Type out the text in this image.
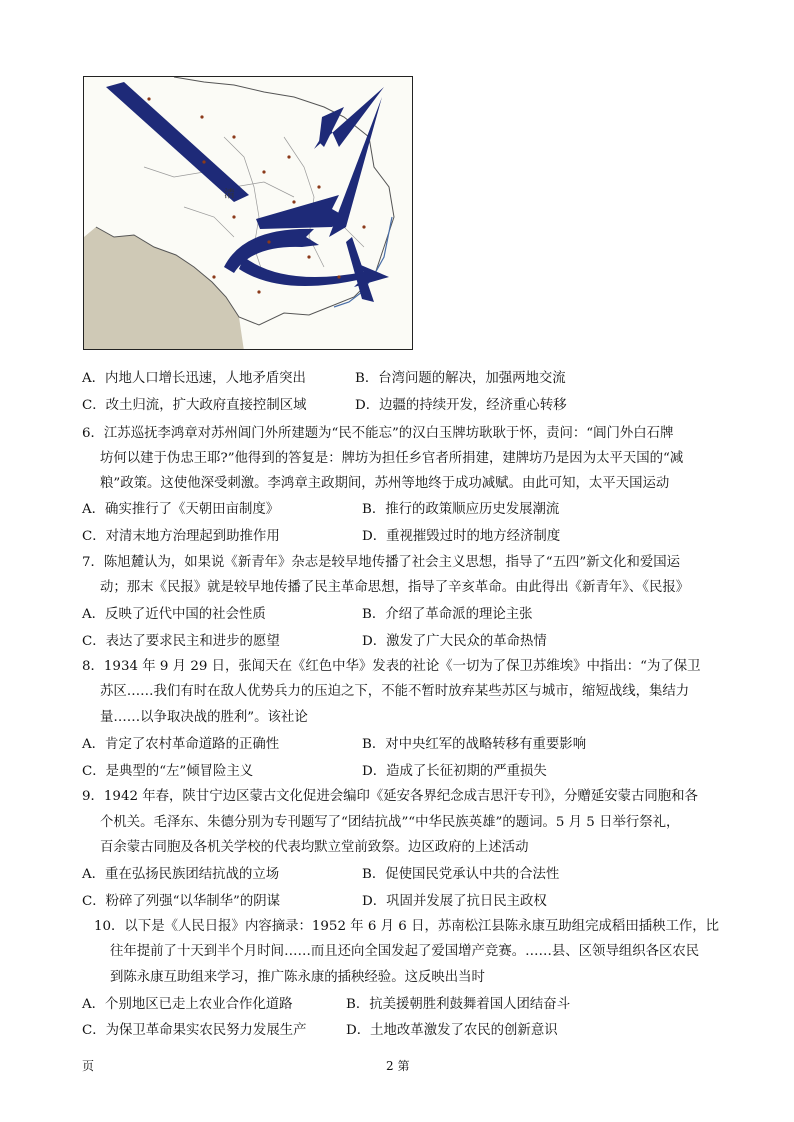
清
A．内地人口增长迅速，人地矛盾突出	B．台湾问题的解决，加强两地交流
C．改土归流，扩大政府直接控制区域	D．边疆的持续开发，经济重心转移
6．江苏巡抚李鸿章对苏州阊门外所建题为“民不能忘”的汉白玉牌坊耿耿于怀，责问：“阊门外白石牌
坊何以建于伪忠王耶?”他得到的答复是：牌坊为担任乡官者所捐建，建牌坊乃是因为太平天国的“减
粮”政策。这使他深受刺激。李鸿章主政期间，苏州等地终于成功减赋。由此可知，太平天国运动
A．确实推行了《天朝田亩制度》	B．推行的政策顺应历史发展潮流
C．对清末地方治理起到助推作用	D．重视摧毁过时的地方经济制度
7．陈旭麓认为，如果说《新青年》杂志是较早地传播了社会主义思想，指导了“五四”新文化和爱国运
动；那末《民报》就是较早地传播了民主革命思想，指导了辛亥革命。由此得出《新青年》、《民报》
A．反映了近代中国的社会性质	B．介绍了革命派的理论主张
C．表达了要求民主和进步的愿望	D．激发了广大民众的革命热情
8．1934 年 9 月 29 日，张闻天在《红色中华》发表的社论《一切为了保卫苏维埃》中指出：“为了保卫
苏区……我们有时在敌人优势兵力的压迫之下，不能不暂时放弃某些苏区与城市，缩短战线，集结力
量……以争取决战的胜利”。该社论
A．肯定了农村革命道路的正确性	B．对中央红军的战略转移有重要影响
C．是典型的“左”倾冒险主义	D．造成了长征初期的严重损失
9．1942 年春，陕甘宁边区蒙古文化促进会编印《延安各界纪念成吉思汗专刊》，分赠延安蒙古同胞和各
个机关。毛泽东、朱德分别为专刊题写了“团结抗战”“中华民族英雄”的题词。5 月 5 日举行祭礼，
百余蒙古同胞及各机关学校的代表均默立堂前致祭。边区政府的上述活动
A．重在弘扬民族团结抗战的立场	B．促使国民党承认中共的合法性
C．粉碎了列强“以华制华”的阴谋	D．巩固并发展了抗日民主政权
10．以下是《人民日报》内容摘录：1952 年 6 月 6 日，苏南松江县陈永康互助组完成稻田插秧工作，比
往年提前了十天到半个月时间……而且还向全国发起了爱国增产竞赛。……县、区领导组织各区农民
到陈永康互助组来学习，推广陈永康的插秧经验。这反映出当时
A．个别地区已走上农业合作化道路	B．抗美援朝胜利鼓舞着国人团结奋斗
C．为保卫革命果实农民努力发展生产	D．土地改革激发了农民的创新意识
页	2 第
